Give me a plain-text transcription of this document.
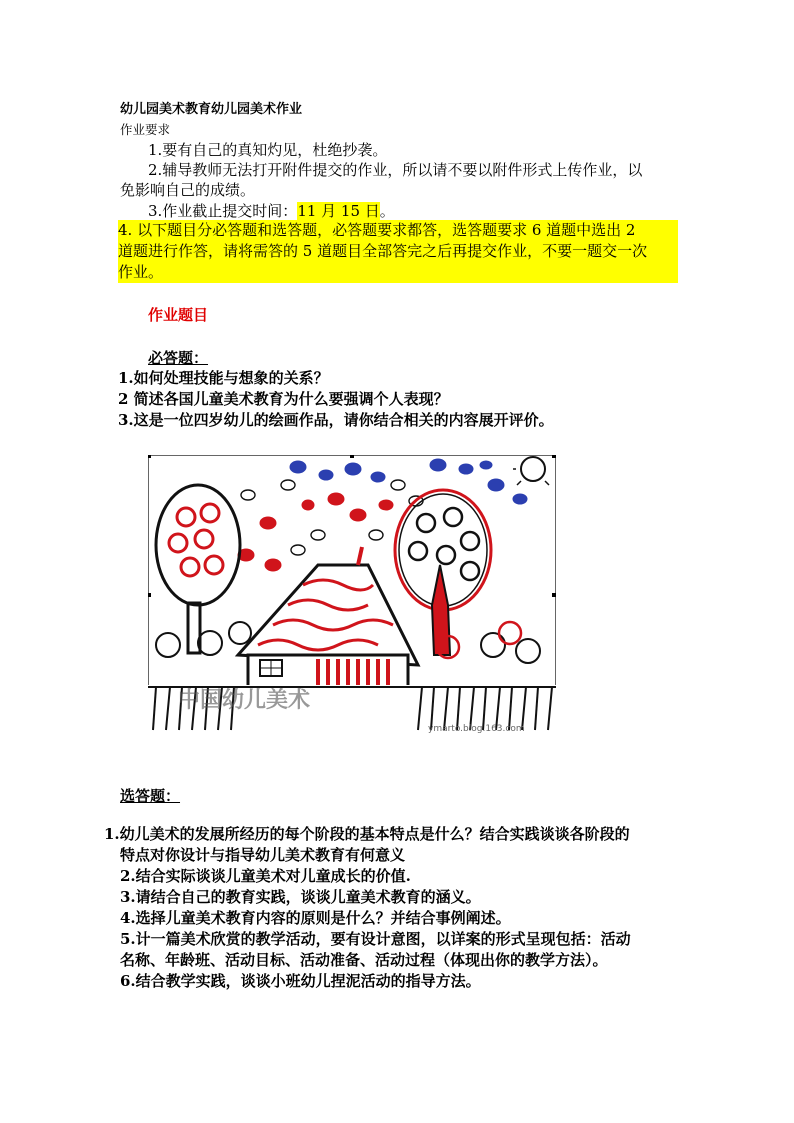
幼儿园美术教育幼儿园美术作业
作业要求
1.要有自己的真知灼见，杜绝抄袭。
2.辅导教师无法打开附件提交的作业，所以请不要以附件形式上传作业，以
免影响自己的成绩。
3.作业截止提交时间：11 月 15 日。
4. 以下题目分必答题和选答题，必答题要求都答，选答题要求 6 道题中选出 2
道题进行作答，请将需答的 5 道题目全部答完之后再提交作业，不要一题交一次
作业。
作业题目
必答题：
1.如何处理技能与想象的关系？
2 简述各国儿童美术教育为什么要强调个人表现？
3.这是一位四岁幼儿的绘画作品，请你结合相关的内容展开评价。
中国幼儿美术
ymarto.blog.163.com
选答题：
1.幼儿美术的发展所经历的每个阶段的基本特点是什么？结合实践谈谈各阶段的
特点对你设计与指导幼儿美术教育有何意义
2.结合实际谈谈儿童美术对儿童成长的价值.
3.请结合自己的教育实践，谈谈儿童美术教育的涵义。
4.选择儿童美术教育内容的原则是什么？并结合事例阐述。
5.计一篇美术欣赏的教学活动，要有设计意图，以详案的形式呈现包括：活动
名称、年龄班、活动目标、活动准备、活动过程（体现出你的教学方法）。
6.结合教学实践，谈谈小班幼儿捏泥活动的指导方法。
